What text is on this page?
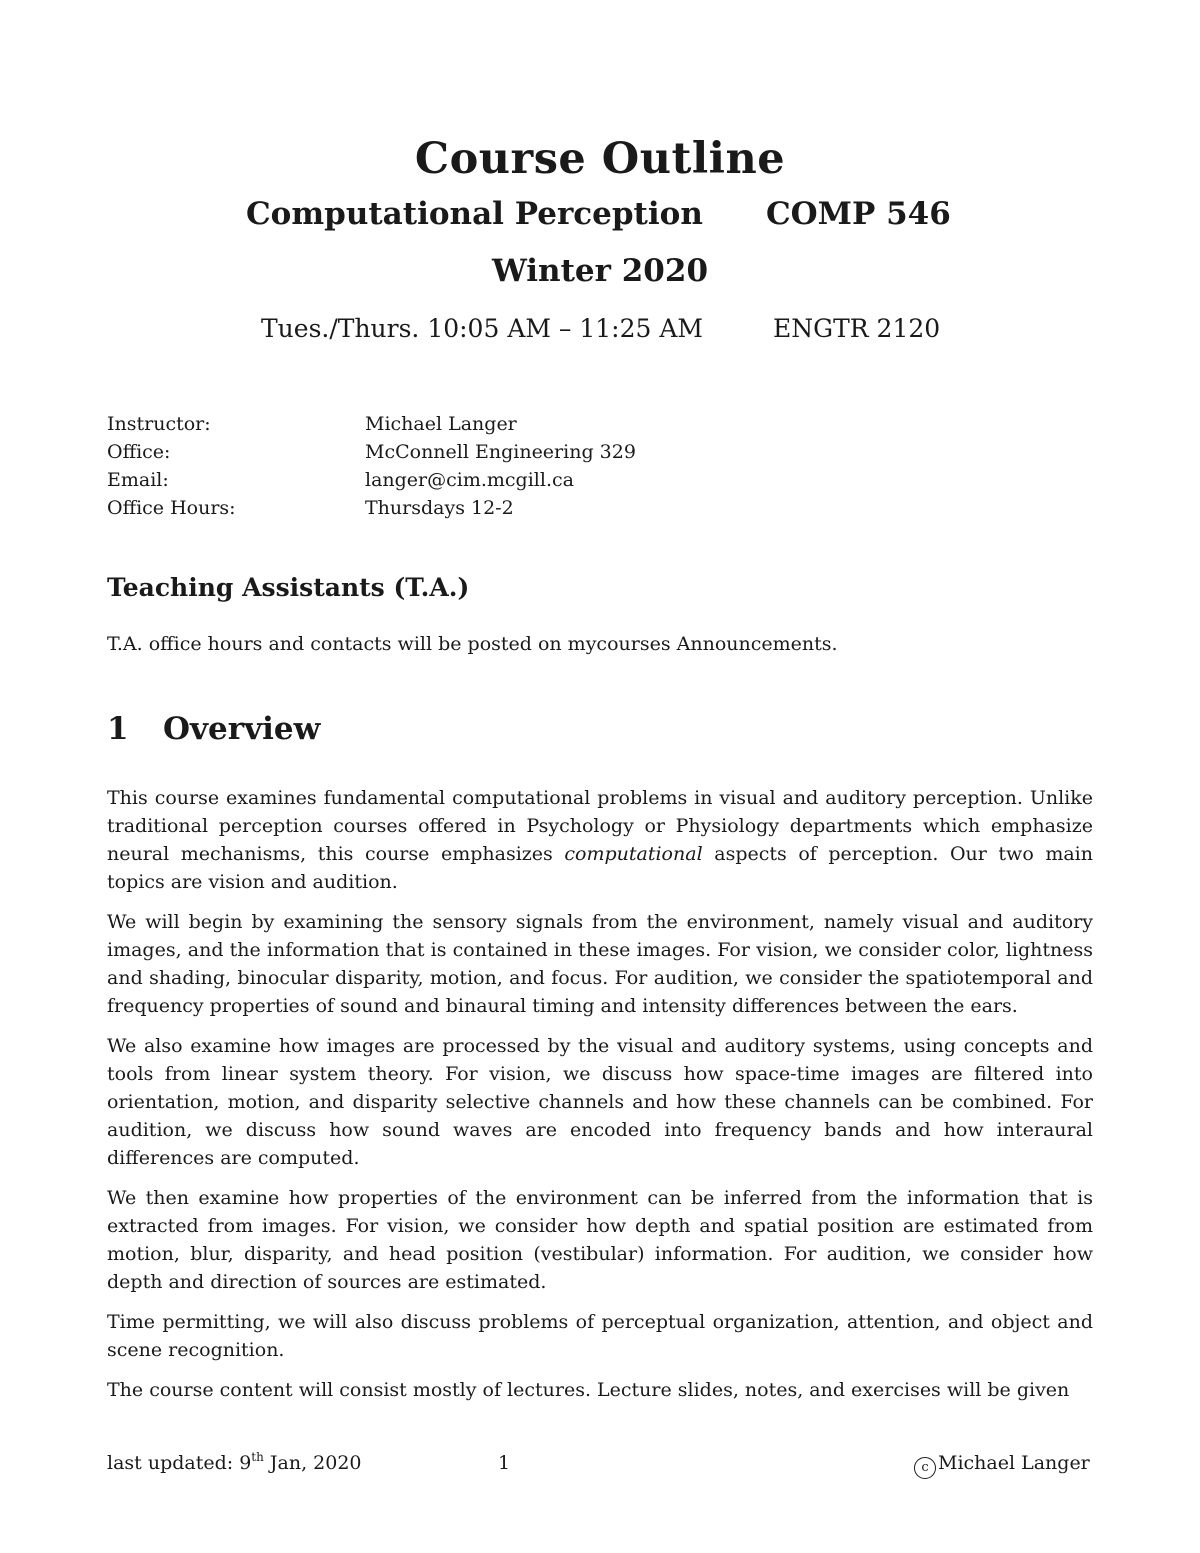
Course Outline
Computational Perception COMP 546
Winter 2020
Tues./Thurs. 10:05 AM – 11:25 AM	ENGTR 2120
Instructor:	Michael Langer
Office:	McConnell Engineering 329
Email:	langer@cim.mcgill.ca
Office Hours:	Thursdays 12-2
Teaching Assistants (T.A.)
T.A. office hours and contacts will be posted on mycourses Announcements.
1 Overview

This course examines fundamental computational problems in visual and auditory perception. Unlike traditional perception courses offered in Psychology or Physiology departments which emphasize neural mechanisms, this course emphasizes computational aspects of perception. Our two main topics are vision and audition.

We will begin by examining the sensory signals from the environment, namely visual and auditory images, and the information that is contained in these images. For vision, we consider color, lightness and shading, binocular disparity, motion, and focus. For audition, we consider the spatiotemporal and frequency properties of sound and binaural timing and intensity differences between the ears.

We also examine how images are processed by the visual and auditory systems, using concepts and tools from linear system theory. For vision, we discuss how space-time images are filtered into orientation, motion, and disparity selective channels and how these channels can be combined. For audition, we discuss how sound waves are encoded into frequency bands and how interaural differences are computed.

We then examine how properties of the environment can be inferred from the information that is extracted from images. For vision, we consider how depth and spatial position are estimated from motion, blur, disparity, and head position (vestibular) information. For audition, we consider how depth and direction of sources are estimated.

Time permitting, we will also discuss problems of perceptual organization, attention, and object and scene recognition.

The course content will consist mostly of lectures. Lecture slides, notes, and exercises will be given

last updated: 9th Jan, 2020	1	c Michael Langer
